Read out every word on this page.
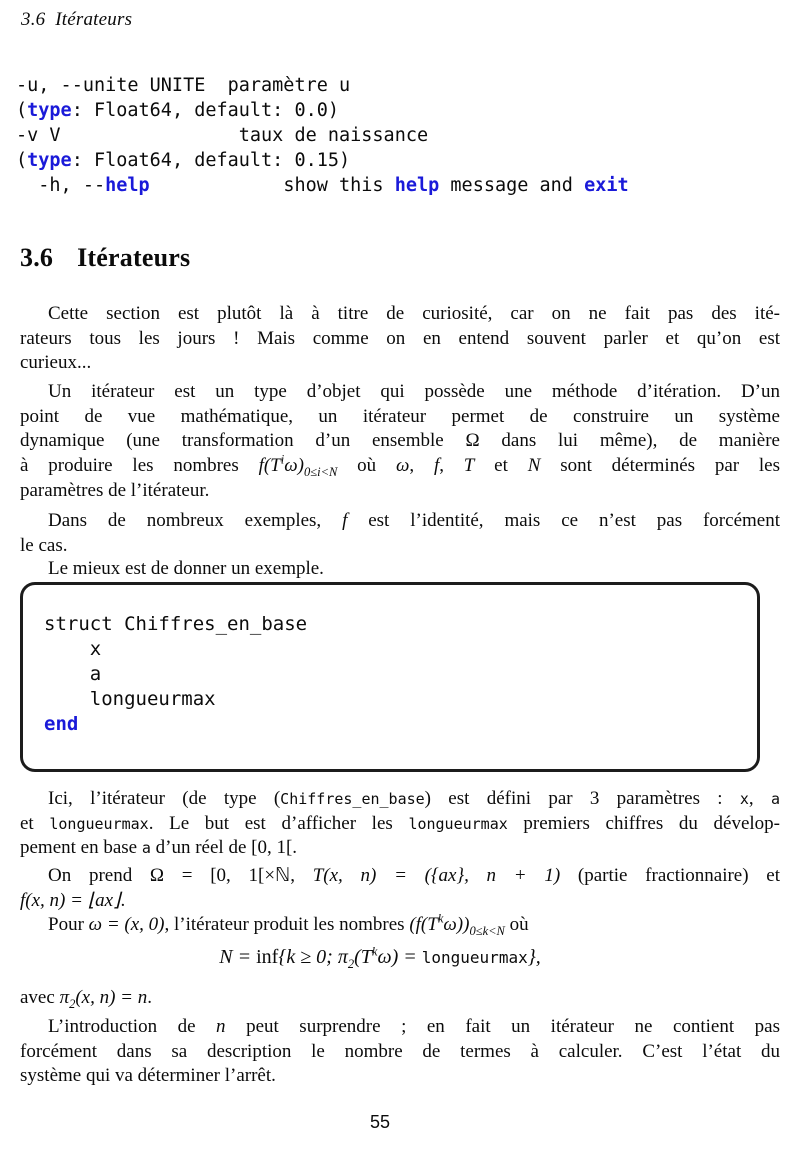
3.6  Itérateurs
-u, --unite UNITE  paramètre u
(type: Float64, default: 0.0)
-v V                taux de naissance
(type: Float64, default: 0.15)
-h, --help            show this help message and exit
3.6 Itérateurs
Cette section est plutôt là à titre de curiosité, car on ne fait pas des ité-
rateurs tous les jours ! Mais comme on en entend souvent parler et qu’on est
curieux...
Un itérateur est un type d’objet qui possède une méthode d’itération. D’un
point de vue mathématique, un itérateur permet de construire un système
dynamique (une transformation d’un ensemble Ω dans lui même), de manière
à produire les nombres $f(T^i\omega)_{0\le i<N}$ où ω, f, T et N sont déterminés par les
paramètres de l’itérateur.
Dans de nombreux exemples, f est l’identité, mais ce n’est pas forcément
le cas.
Le mieux est de donner un exemple.
struct Chiffres_en_base
x
a
longueurmax
end
Ici, l’itérateur (de type (Chiffres_en_base) est défini par 3 paramètres : x, a
et longueurmax. Le but est d’afficher les longueurmax premiers chiffres du dévelop-
pement en base a d’un réel de [0, 1[.
On prend Ω = [0, 1[×ℕ, T(x, n) = ({ax}, n + 1) (partie fractionnaire) et
f(x, n) = ⌊ax⌋.
Pour ω = (x, 0), l’itérateur produit les nombres $(f(T^k\omega))_{0\le k<N}$ où
N = inf{k ≥ 0; $\pi_2(T^k\omega)$ = longueurmax},
avec $\pi_2(x$, n) = n.
L’introduction de n peut surprendre ; en fait un itérateur ne contient pas
forcément dans sa description le nombre de termes à calculer. C’est l’état du
système qui va déterminer l’arrêt.
55
